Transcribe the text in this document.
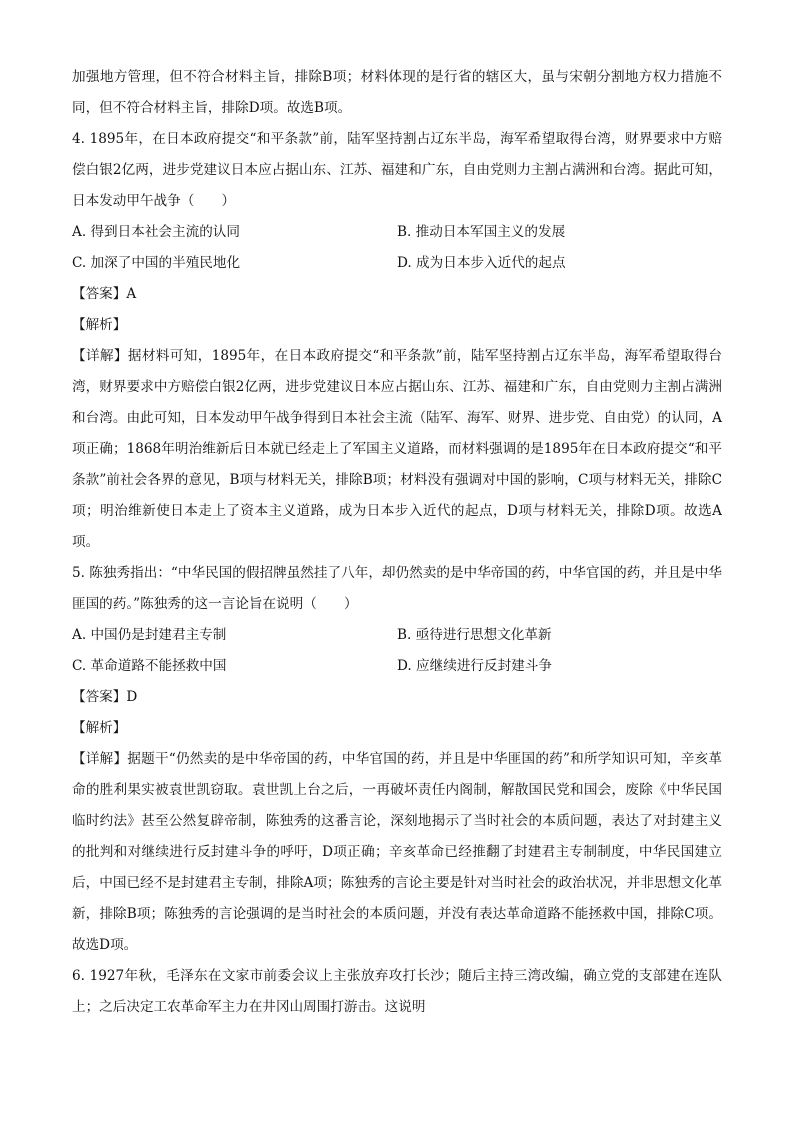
加强地方管理，但不符合材料主旨，排除B项；材料体现的是行省的辖区大，虽与宋朝分割地方权力措施不同，但不符合材料主旨，排除D项。故选B项。

4. 1895年，在日本政府提交“和平条款”前，陆军坚持割占辽东半岛，海军希望取得台湾，财界要求中方赔偿白银2亿两，进步党建议日本应占据山东、江苏、福建和广东，自由党则力主割占满洲和台湾。据此可知，日本发动甲午战争（　　）

A. 得到日本社会主流的认同	B. 推动日本军国主义的发展
C. 加深了中国的半殖民地化	D. 成为日本步入近代的起点
【答案】A
【解析】

【详解】据材料可知，1895年，在日本政府提交“和平条款”前，陆军坚持割占辽东半岛，海军希望取得台湾，财界要求中方赔偿白银2亿两，进步党建议日本应占据山东、江苏、福建和广东，自由党则力主割占满洲和台湾。由此可知，日本发动甲午战争得到日本社会主流（陆军、海军、财界、进步党、自由党）的认同，A项正确；1868年明治维新后日本就已经走上了军国主义道路，而材料强调的是1895年在日本政府提交“和平条款”前社会各界的意见，B项与材料无关，排除B项；材料没有强调对中国的影响，C项与材料无关，排除C项；明治维新使日本走上了资本主义道路，成为日本步入近代的起点，D项与材料无关，排除D项。故选A项。

5. 陈独秀指出：“中华民国的假招牌虽然挂了八年，却仍然卖的是中华帝国的药，中华官国的药，并且是中华匪国的药。”陈独秀的这一言论旨在说明（　　）

A. 中国仍是封建君主专制	B. 亟待进行思想文化革新
C. 革命道路不能拯救中国	D. 应继续进行反封建斗争
【答案】D
【解析】

【详解】据题干“仍然卖的是中华帝国的药，中华官国的药，并且是中华匪国的药”和所学知识可知，辛亥革命的胜利果实被袁世凯窃取。袁世凯上台之后，一再破坏责任内阁制，解散国民党和国会，废除《中华民国临时约法》甚至公然复辟帝制，陈独秀的这番言论，深刻地揭示了当时社会的本质问题，表达了对封建主义的批判和对继续进行反封建斗争的呼吁，D项正确；辛亥革命已经推翻了封建君主专制制度，中华民国建立后，中国已经不是封建君主专制，排除A项；陈独秀的言论主要是针对当时社会的政治状况，并非思想文化革新，排除B项；陈独秀的言论强调的是当时社会的本质问题，并没有表达革命道路不能拯救中国，排除C项。故选D项。

6. 1927年秋，毛泽东在文家市前委会议上主张放弃攻打长沙；随后主持三湾改编，确立党的支部建在连队上；之后决定工农革命军主力在井冈山周围打游击。这说明
